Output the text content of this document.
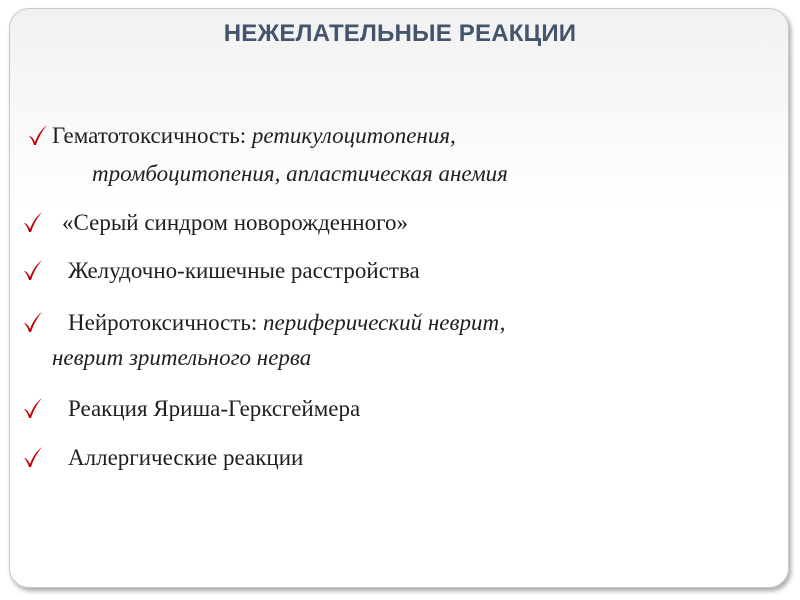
НЕЖЕЛАТЕЛЬНЫЕ РЕАКЦИИ
Гематотоксичность: ретикулоцитопения,
тромбоцитопения, апластическая анемия
«Серый синдром новорожденного»
Желудочно-кишечные расстройства
Нейротоксичность: периферический неврит,
неврит зрительного нерва
Реакция Яриша-Герксгеймера
Аллергические реакции
